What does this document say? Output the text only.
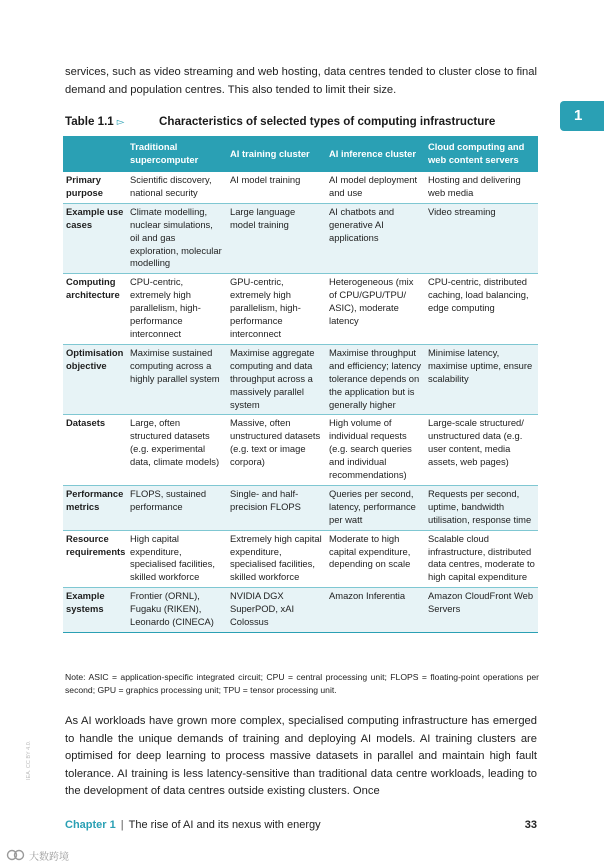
services, such as video streaming and web hosting, data centres tended to cluster close to final demand and population centres. This also tended to limit their size.

1
Table 1.1 ▻	Characteristics of selected types of computing infrastructure
	Traditional supercomputer	AI training cluster	AI inference cluster	Cloud computing and web content servers
Primary purpose	Scientific discovery, national security	AI model training	AI model deployment and use	Hosting and delivering web media
Example use cases	Climate modelling, nuclear simulations, oil and gas exploration, molecular modelling	Large language model training	AI chatbots and generative AI applications	Video streaming
Computing architecture	CPU-centric, extremely high parallelism, high-performance interconnect	GPU-centric, extremely high parallelism, high-performance interconnect	Heterogeneous (mix of CPU/GPU/TPU/ ASIC), moderate latency	CPU-centric, distributed caching, load balancing, edge computing
Optimisation objective	Maximise sustained computing across a highly parallel system	Maximise aggregate computing and data throughput across a massively parallel system	Maximise throughput and efficiency; latency tolerance depends on the application but is generally higher	Minimise latency, maximise uptime, ensure scalability
Datasets	Large, often structured datasets (e.g. experimental data, climate models)	Massive, often unstructured datasets (e.g. text or image corpora)	High volume of individual requests (e.g. search queries and individual recommendations)	Large-scale structured/ unstructured data (e.g. user content, media assets, web pages)
Performance metrics	FLOPS, sustained performance	Single- and half-precision FLOPS	Queries per second, latency, performance per watt	Requests per second, uptime, bandwidth utilisation, response time
Resource requirements	High capital expenditure, specialised facilities, skilled workforce	Extremely high capital expenditure, specialised facilities, skilled workforce	Moderate to high capital expenditure, depending on scale	Scalable cloud infrastructure, distributed data centres, moderate to high capital expenditure
Example systems	Frontier (ORNL), Fugaku (RIKEN), Leonardo (CINECA)	NVIDIA DGX SuperPOD, xAI Colossus	Amazon Inferentia	Amazon CloudFront Web Servers

Note: ASIC = application-specific integrated circuit; CPU = central processing unit; FLOPS = floating-point operations per second; GPU = graphics processing unit; TPU = tensor processing unit.

As AI workloads have grown more complex, specialised computing infrastructure has emerged to handle the unique demands of training and deploying AI models. AI training clusters are optimised for deep learning to process massive datasets in parallel and maintain high fault tolerance. AI training is less latency-sensitive than traditional data centre workloads, leading to the development of data centres outside existing clusters. Once

IEA. CC BY 4.0.
Chapter 1 | The rise of AI and its nexus with energy	33
大数跨境
